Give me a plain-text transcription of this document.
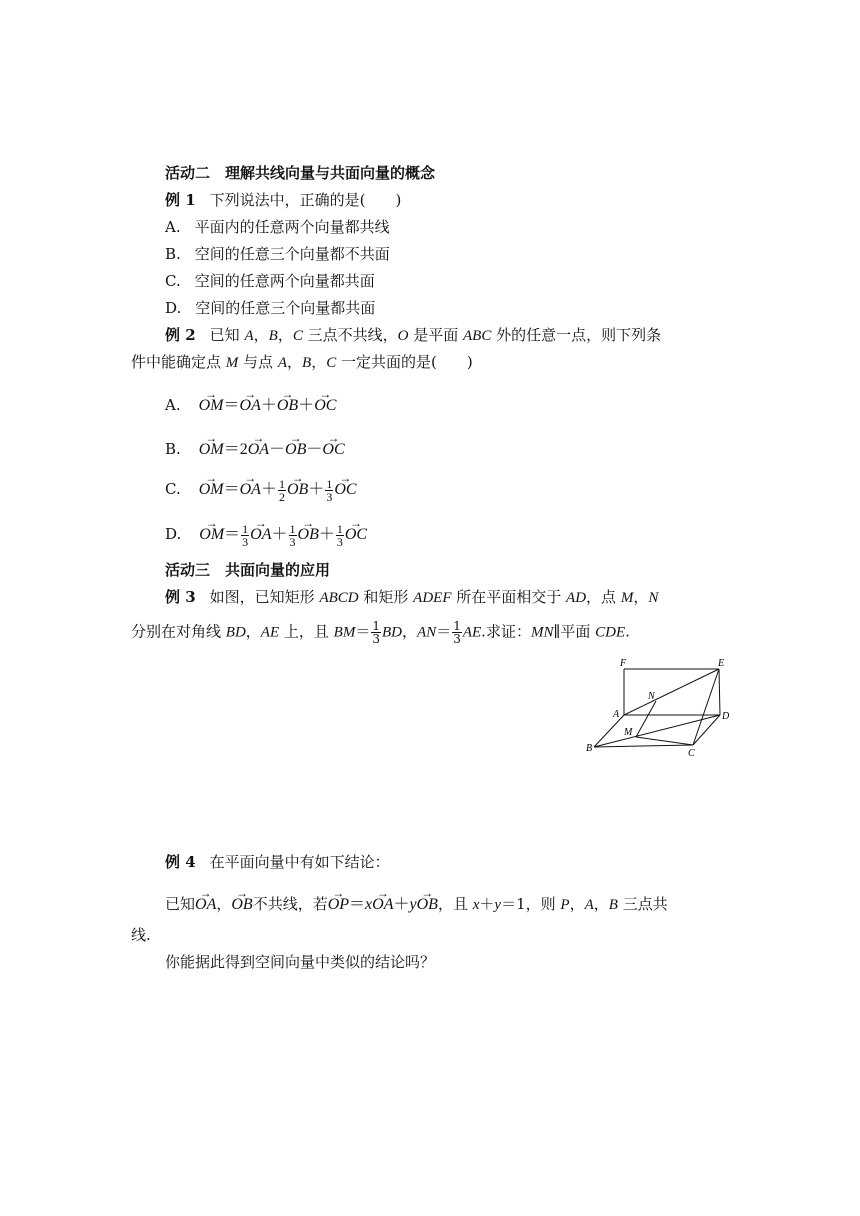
活动二　理解共线向量与共面向量的概念
例 1 下列说法中，正确的是(　　)
A. 平面内的任意两个向量都共线
B. 空间的任意三个向量都不共面
C. 空间的任意两个向量都共面
D. 空间的任意三个向量都共面
例 2 已知 A，B，C 三点不共线，O 是平面 ABC 外的任意一点，则下列条
件中能确定点 M 与点 A，B，C 一定共面的是(　　)
A. → OM＝→ OA＋→ OB＋→ OC
B. → OM＝2→ OA－→ OB－→ OC
C. → $OM=\to OA+ \frac{1}{2}$
→ $OB+ \frac{1}{3}$
→ OC
D. → $OM= \frac{1}{3}$
→ $OA+ \frac{1}{3}$
→ $OB+ \frac{1}{3}$
→ OC
活动三　共面向量的应用
例 3 如图，已知矩形 ABCD 和矩形 ADEF 所在平面相交于 AD，点 M，N
分别在对角线 BD，AE 上，且 $BM= \frac{1}{3}$ BD，$AN= \frac{1}{3}$ AE.求证：MN∥平面 CDE.
F	E
N
A	D
M
B	C
例 4 在平面向量中有如下结论：
已知→ OA，→ OB不共线，若→ OP＝x→ OA＋y→ OB，且 x＋y＝1，则 P，A，B 三点共
线.
你能据此得到空间向量中类似的结论吗？
